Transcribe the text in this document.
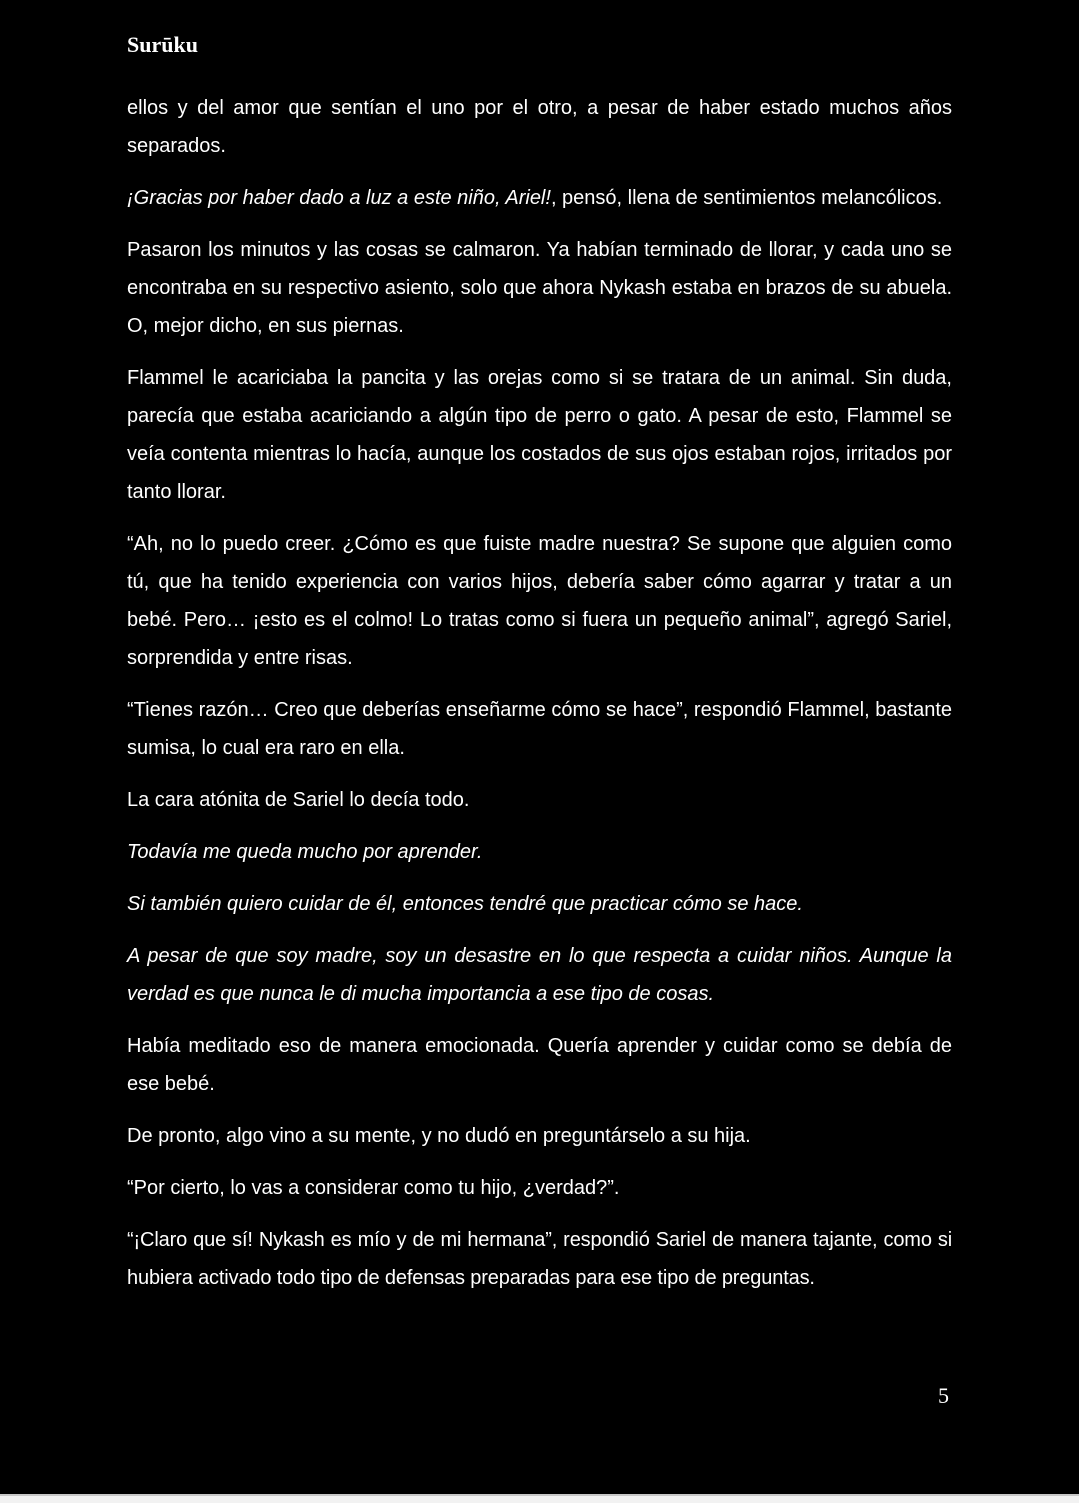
Surūku

ellos y del amor que sentían el uno por el otro, a pesar de haber estado muchos años separados.

¡Gracias por haber dado a luz a este niño, Ariel!, pensó, llena de sentimientos melancólicos.

Pasaron los minutos y las cosas se calmaron. Ya habían terminado de llorar, y cada uno se encontraba en su respectivo asiento, solo que ahora Nykash estaba en brazos de su abuela. O, mejor dicho, en sus piernas.

Flammel le acariciaba la pancita y las orejas como si se tratara de un animal. Sin duda, parecía que estaba acariciando a algún tipo de perro o gato. A pesar de esto, Flammel se veía contenta mientras lo hacía, aunque los costados de sus ojos estaban rojos, irritados por tanto llorar.

“Ah, no lo puedo creer. ¿Cómo es que fuiste madre nuestra? Se supone que alguien como tú, que ha tenido experiencia con varios hijos, debería saber cómo agarrar y tratar a un bebé. Pero… ¡esto es el colmo! Lo tratas como si fuera un pequeño animal”, agregó Sariel, sorprendida y entre risas.

“Tienes razón… Creo que deberías enseñarme cómo se hace”, respondió Flammel, bastante sumisa, lo cual era raro en ella.

La cara atónita de Sariel lo decía todo.

Todavía me queda mucho por aprender.

Si también quiero cuidar de él, entonces tendré que practicar cómo se hace.

A pesar de que soy madre, soy un desastre en lo que respecta a cuidar niños. Aunque la verdad es que nunca le di mucha importancia a ese tipo de cosas.

Había meditado eso de manera emocionada. Quería aprender y cuidar como se debía de ese bebé.

De pronto, algo vino a su mente, y no dudó en preguntárselo a su hija.

“Por cierto, lo vas a considerar como tu hijo, ¿verdad?”.

“¡Claro que sí! Nykash es mío y de mi hermana”, respondió Sariel de manera tajante, como si hubiera activado todo tipo de defensas preparadas para ese tipo de preguntas.

5
